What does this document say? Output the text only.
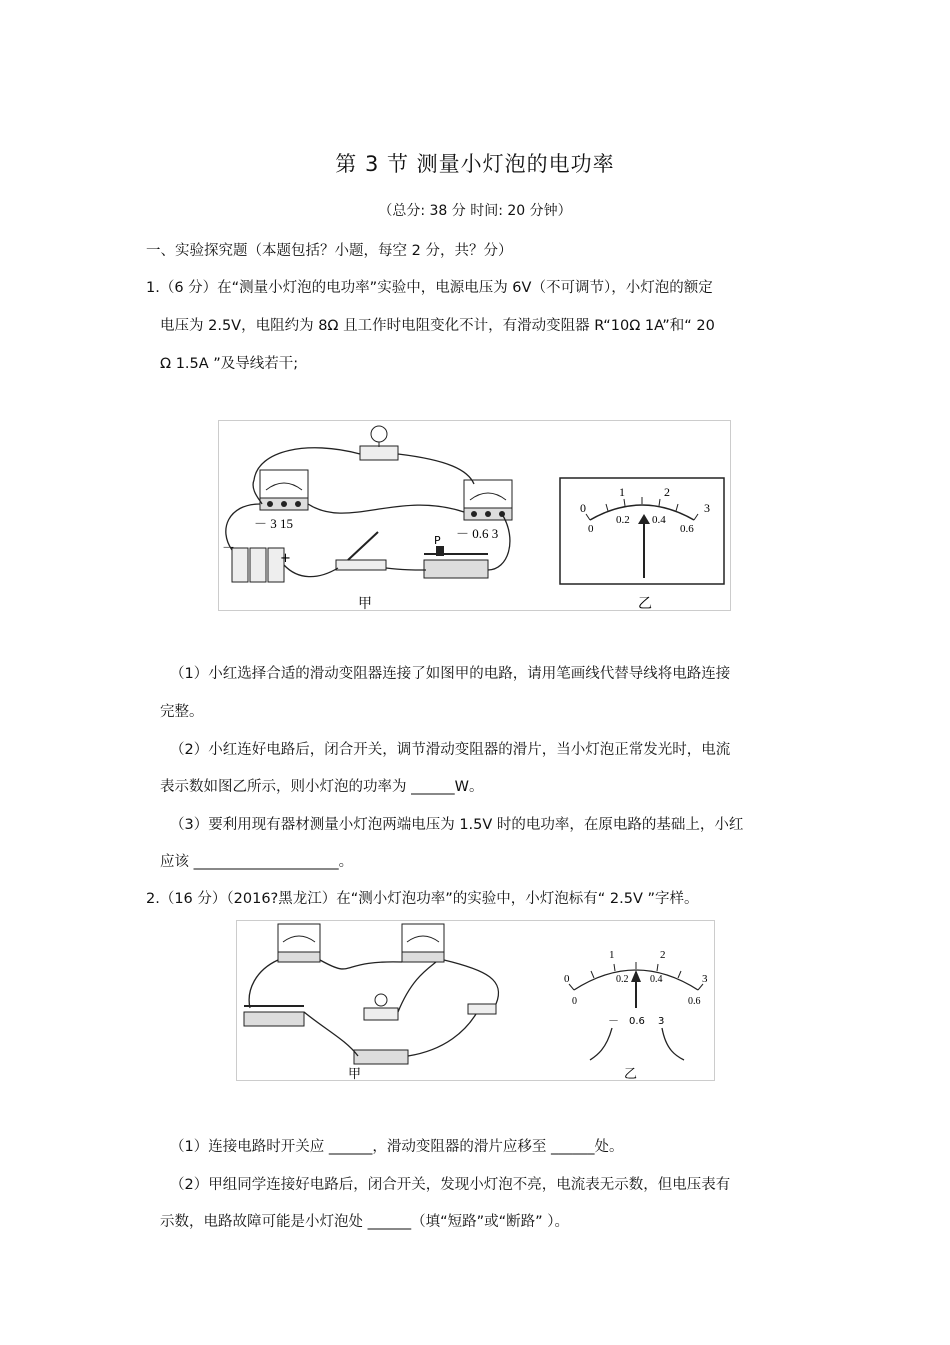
第 3 节 测量小灯泡的电功率
（总分: 38 分 时间: 20 分钟）
一、实验探究题（本题包括？小题，每空 2 分，共？分）
1.（6 分）在“测量小灯泡的电功率”实验中，电源电压为 6V（不可调节），小灯泡的额定
电压为 2.5V，电阻约为 8Ω 且工作时电阻变化不计，有滑动变阻器 R“10Ω 1A”和“ 20
Ω 1.5A ”及导线若干;
－ 3 15
－ 0.6 3
－
+
P
0
1	2
3
0
0.2 0.4
0.6
甲	乙
（1）小红选择合适的滑动变阻器连接了如图甲的电路，请用笔画线代替导线将电路连接
完整。
（2）小红连好电路后，闭合开关，调节滑动变阻器的滑片，当小灯泡正常发光时，电流
表示数如图乙所示，则小灯泡的功率为 ______W。
（3）要利用现有器材测量小灯泡两端电压为 1.5V 时的电功率，在原电路的基础上，小红
应该 ____________________。
2.（16 分）（2016?黑龙江）在“测小灯泡功率”的实验中，小灯泡标有“ 2.5V ”字样。
0
1	2
3
0
0.2 0.4
0.6
－ 0.6 3
甲	乙
（1）连接电路时开关应 ______，滑动变阻器的滑片应移至 ______处。
（2）甲组同学连接好电路后，闭合开关，发现小灯泡不亮，电流表无示数，但电压表有
示数，电路故障可能是小灯泡处 ______（填“短路”或“断路” ）。
